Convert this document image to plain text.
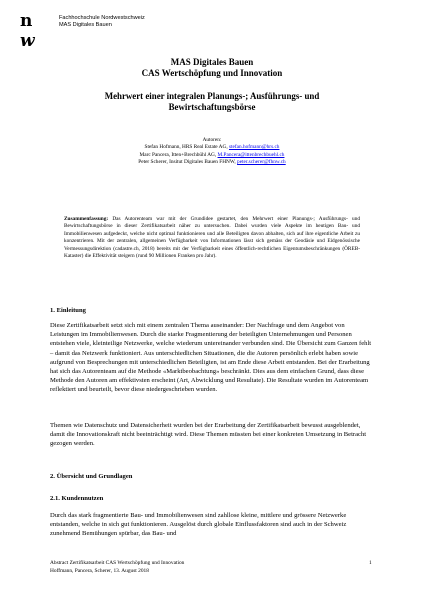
n w
Fachhochschule Nordwestschweiz
MAS Digitales Bauen
MAS Digitales Bauen
CAS Wertschöpfung und Innovation
Mehrwert einer integralen Planungs-; Ausführungs- und
Bewirtschaftungsbörse
Autoren:
Stefan Hofmann, HRS Real Estate AG, stefan.hofmann@hrs.ch
Marc Pancera, Itten+Brechbühl AG, M.Pancera@ittenbrechbuehl.ch
Peter Scherer, Insitut Digitales Bauen FHNW, peter.scherer@fhnw.ch
Zusammenfassung: Das Autorenteam war mit der Grundidee gestartet, den Mehrwert einer Planungs-; Ausführungs- und Bewirtschaftungsbörse in dieser Zertifikatsarbeit näher zu untersuchen. Dabei wurden viele Aspekte im heutigen Bau- und Immobilienwesen aufgedeckt, welche nicht optimal funktionieren und alle Beteiligten davon abhalten, sich auf ihre eigentliche Arbeit zu konzentrieren. Mit der zentralen, allgemeinen Verfügbarkeit von Informationen lässt sich gemäss der Geodäsie und Eidgenössische Vermessungsdirektion (cadastre.ch, 2018) bereits mit der Verfügbarkeit eines öffentlich-rechtlichen Eigentumsbeschränkungen (ÖREB-Kataster) die Effektivität steigern (rund 90 Millionen Franken pro Jahr).
1. Einleitung

Diese Zertifikatsarbeit setzt sich mit einem zentralen Thema auseinander: Der Nachfrage und dem Angebot von Leistungen im Immobilienwesen. Durch die starke Fragmentierung der beteiligten Unternehmungen und Personen entstehen viele, kleinteilige Netzwerke, welche wiederum untereinander verbunden sind. Die Übersicht zum Ganzen fehlt – damit das Netzwerk funktioniert. Aus unterschiedlichen Situationen, die die Autoren persönlich erlebt haben sowie aufgrund von Besprechungen mit unterschiedlichen Beteiligten, ist am Ende diese Arbeit entstanden. Bei der Erarbeitung hat sich das Autorenteam auf die Methode «Marktbeobachtung» beschränkt. Dies aus dem einfachen Grund, dass diese Methode den Autoren am effektivsten erscheint (Art, Abwicklung und Resultate). Die Resultate wurden im Autorenteam reflektiert und beurteilt, bevor diese niedergeschrieben wurden.

Themen wie Datenschutz und Datensicherheit wurden bei der Erarbeitung der Zertifikatsarbeit bewusst ausgeblendet, damit die Innovationskraft nicht beeinträchtigt wird. Diese Themen müssten bei einer konkreten Umsetzung in Betracht gezogen werden.

2. Übersicht und Grundlagen
2.1. Kundennutzen

Durch das stark fragmentierte Bau- und Immobilienwesen sind zahllose kleine, mittlere und grössere Netzwerke entstanden, welche in sich gut funktionieren. Ausgelöst durch globale Einflussfaktoren sind auch in der Schweiz zunehmend Bemühungen spürbar, das Bau- und

Abstract Zertifikatsarbeit CAS Wertschöpfung und Innovation
Hoffmann, Pancera, Scherer, 13. August 2018
1
